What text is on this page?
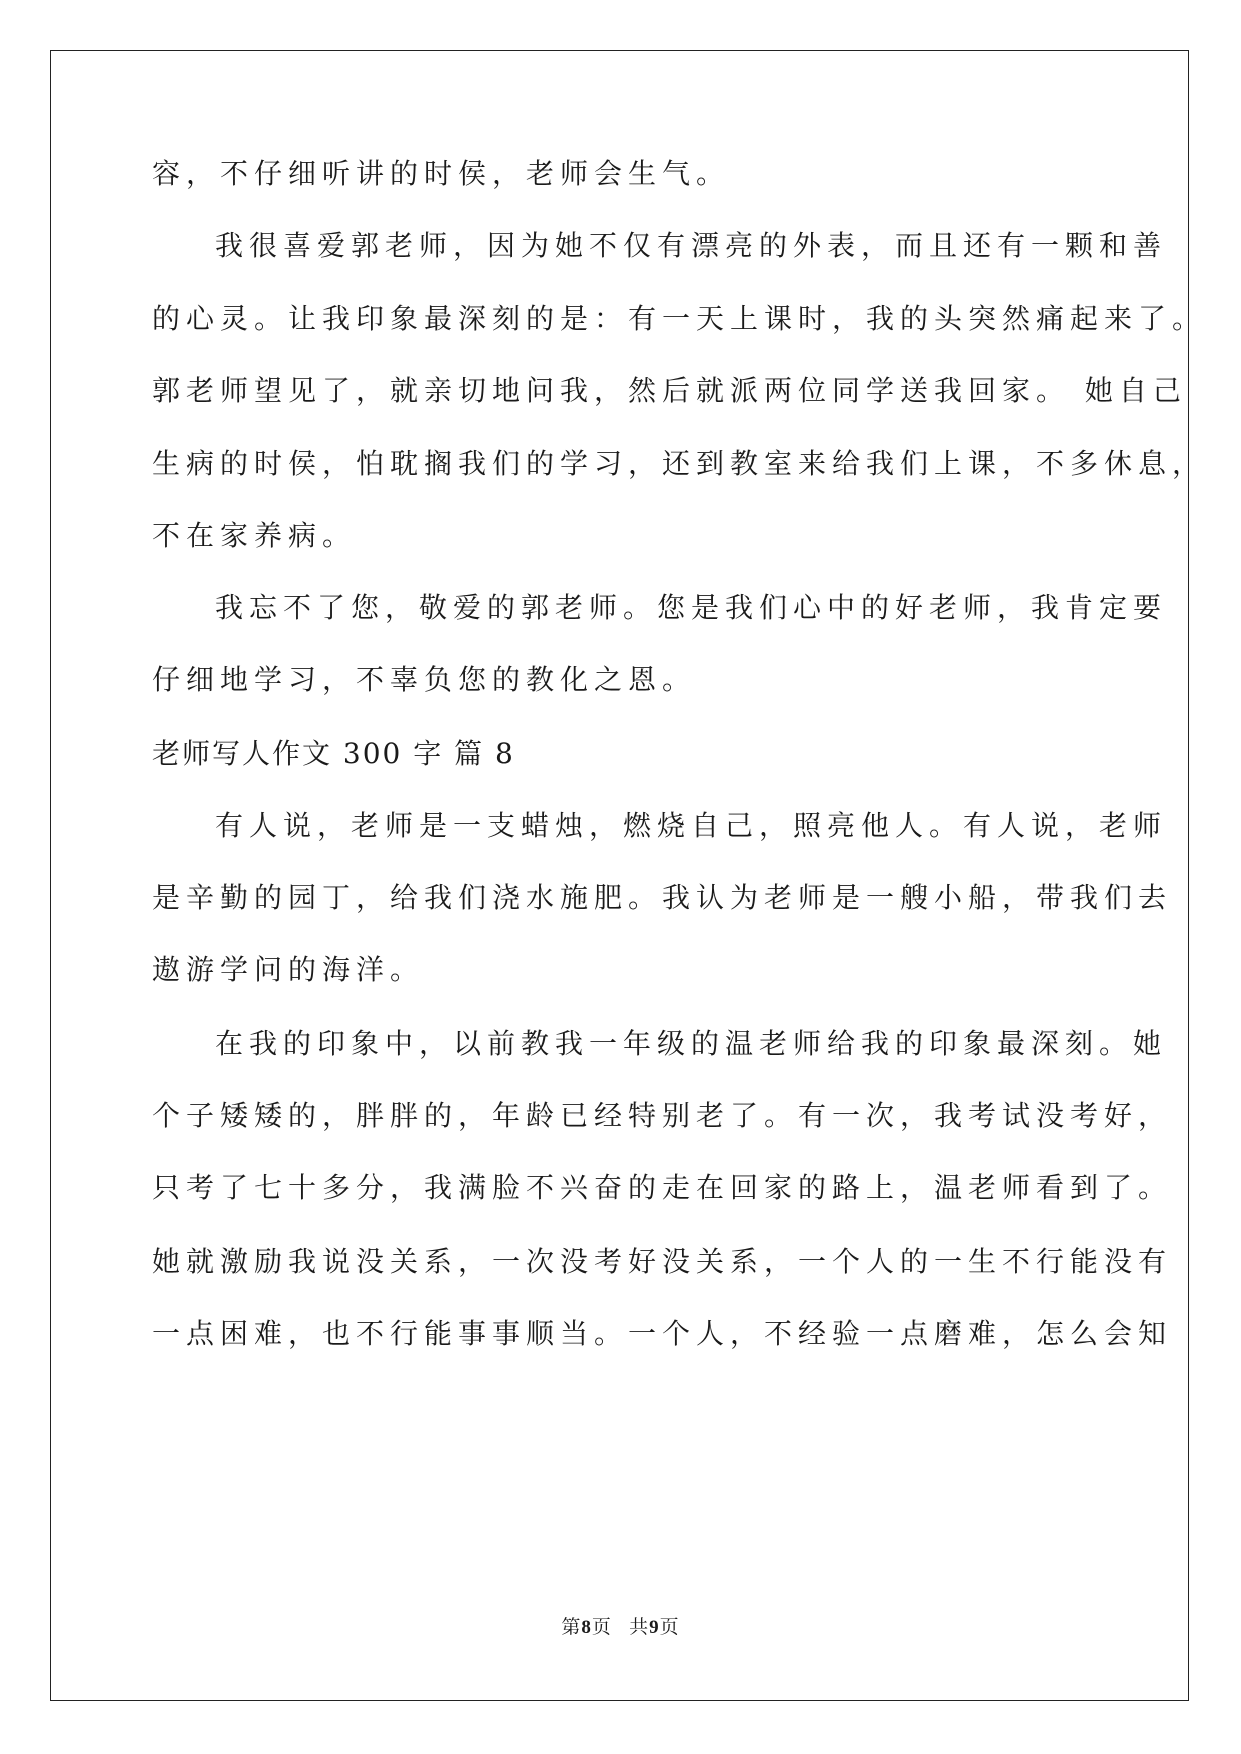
容，不仔细听讲的时侯，老师会生气。
我很喜爱郭老师，因为她不仅有漂亮的外表，而且还有一颗和善
的心灵。让我印象最深刻的是：有一天上课时，我的头突然痛起来了。
郭老师望见了，就亲切地问我，然后就派两位同学送我回家。 她自己
生病的时侯，怕耽搁我们的学习，还到教室来给我们上课，不多休息，
不在家养病。
我忘不了您，敬爱的郭老师。您是我们心中的好老师，我肯定要
仔细地学习，不辜负您的教化之恩。
老师写人作文 300 字 篇 8
有人说，老师是一支蜡烛，燃烧自己，照亮他人。有人说，老师
是辛勤的园丁，给我们浇水施肥。我认为老师是一艘小船，带我们去
遨游学问的海洋。
在我的印象中，以前教我一年级的温老师给我的印象最深刻。她
个子矮矮的，胖胖的，年龄已经特别老了。有一次，我考试没考好，
只考了七十多分，我满脸不兴奋的走在回家的路上，温老师看到了。
她就激励我说没关系，一次没考好没关系，一个人的一生不行能没有
一点困难，也不行能事事顺当。一个人，不经验一点磨难，怎么会知
第8页 共9页
